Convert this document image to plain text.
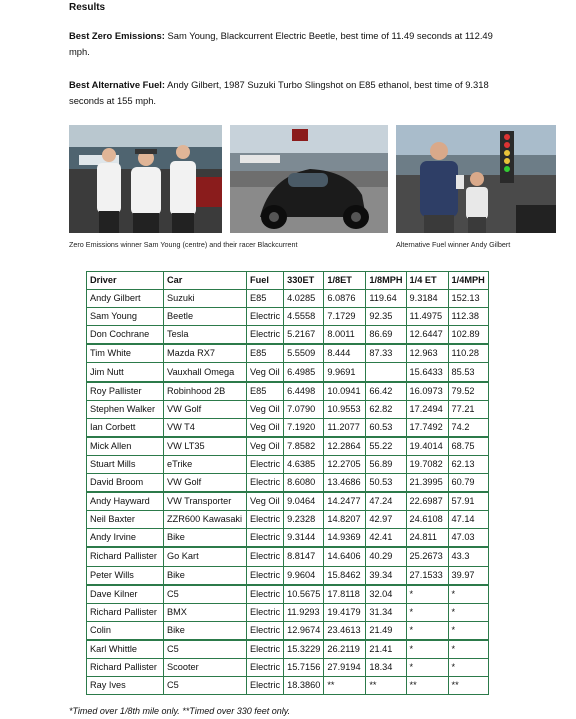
Results
Best Zero Emissions: Sam Young, Blackcurrent Electric Beetle, best time of 11.49 seconds at 112.49 mph.
Best Alternative Fuel: Andy Gilbert, 1987 Suzuki Turbo Slingshot on E85 ethanol, best time of 9.318 seconds at 155 mph.
Zero Emissions winner Sam Young (centre) and their racer Blackcurrent	Alternative Fuel winner Andy Gilbert
Driver	Car	Fuel	330ET	1/8ET	1/8MPH	1/4 ET	1/4MPH
Andy Gilbert	Suzuki	E85	4.0285	6.0876	119.64	9.3184	152.13
Sam Young	Beetle	Electric	4.5558	7.1729	92.35	11.4975	112.38
Don Cochrane	Tesla	Electric	5.2167	8.0011	86.69	12.6447	102.89
Tim White	Mazda RX7	E85	5.5509	8.444	87.33	12.963	110.28
Jim Nutt	Vauxhall Omega	Veg Oil	6.4985	9.9691		15.6433	85.53
Roy Pallister	Robinhood 2B	E85	6.4498	10.0941	66.42	16.0973	79.52
Stephen Walker	VW Golf	Veg Oil	7.0790	10.9553	62.82	17.2494	77.21
Ian Corbett	VW T4	Veg Oil	7.1920	11.2077	60.53	17.7492	74.2
Mick Allen	VW LT35	Veg Oil	7.8582	12.2864	55.22	19.4014	68.75
Stuart Mills	eTrike	Electric	4.6385	12.2705	56.89	19.7082	62.13
David Broom	VW Golf	Electric	8.6080	13.4686	50.53	21.3995	60.79
Andy Hayward	VW Transporter	Veg Oil	9.0464	14.2477	47.24	22.6987	57.91
Neil Baxter	ZZR600 Kawasaki	Electric	9.2328	14.8207	42.97	24.6108	47.14
Andy Irvine	Bike	Electric	9.3144	14.9369	42.41	24.811	47.03
Richard Pallister	Go Kart	Electric	8.8147	14.6406	40.29	25.2673	43.3
Peter Wills	Bike	Electric	9.9604	15.8462	39.34	27.1533	39.97
Dave Kilner	C5	Electric	10.5675	17.8118	32.04	*	*
Richard Pallister	BMX	Electric	11.9293	19.4179	31.34	*	*
Colin	Bike	Electric	12.9674	23.4613	21.49	*	*
Karl Whittle	C5	Electric	15.3229	26.2119	21.41	*	*
Richard Pallister	Scooter	Electric	15.7156	27.9194	18.34	*	*
Ray Ives	C5	Electric	18.3860	**	**	**	**
*Timed over 1/8th mile only. **Timed over 330 feet only.
